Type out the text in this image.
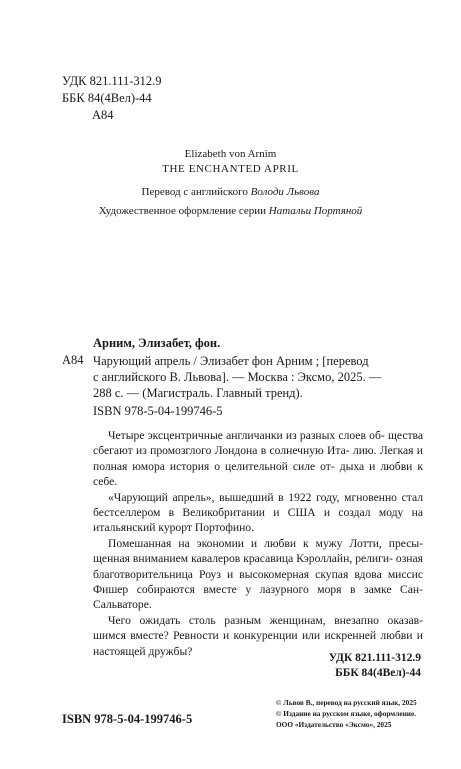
УДК 821.111-312.9
ББК 84(4Вел)-44
А84
Elizabeth von Arnim
THE ENCHANTED APRIL
Перевод с английского Володи Львова
Художественное оформление серии Натальи Портяной
Арним, Элизабет, фон.
А84 Чарующий апрель / Элизабет фон Арним ; [перевод
с английского В. Львова]. — Москва : Эксмо, 2025. —
288 с. — (Магистраль. Главный тренд).
ISBN 978-5-04-199746-5

Четыре эксцентричные англичанки из разных слоев об- щества сбегают из промозглого Лондона в солнечную Ита- лию. Легкая и полная юмора история о целительной силе от- дыха и любви к себе.

«Чарующий апрель», вышедший в 1922 году, мгновенно стал бестселлером в Великобритании и США и создал моду на итальянский курорт Портофино.

Помешанная на экономии и любви к мужу Лотти, пресы- щенная вниманием кавалеров красавица Кэроллайн, религи- озная благотворительница Роуз и высокомерная скупая вдова миссис Фишер собираются вместе у лазурного моря в замке Сан-Сальваторе.

Чего ожидать столь разным женщинам, внезапно оказав- шимся вместе? Ревности и конкуренции или искренней любви и настоящей дружбы?

УДК 821.111-312.9
ББК 84(4Вел)-44
© Львов В., перевод на русский язык, 2025
© Издание на русском языке, оформление.
ООО «Издательство «Эксмо», 2025
ISBN 978-5-04-199746-5
